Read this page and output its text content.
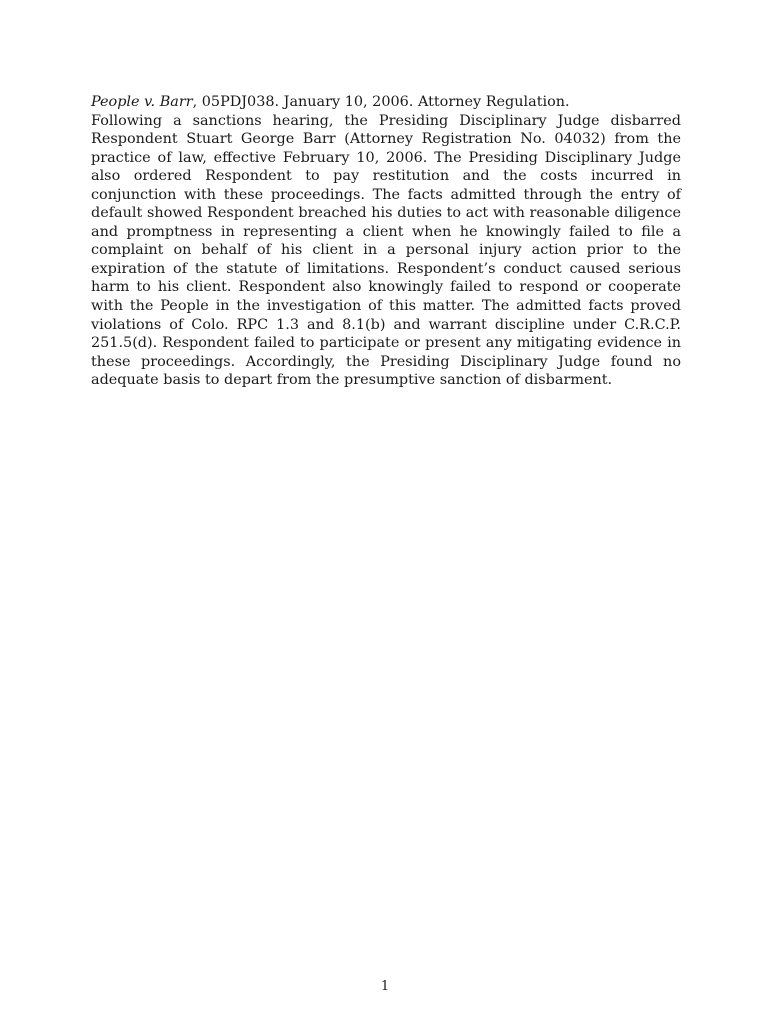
People v. Barr, 05PDJ038. January 10, 2006. Attorney Regulation.

Following a sanctions hearing, the Presiding Disciplinary Judge disbarred Respondent Stuart George Barr (Attorney Registration No. 04032) from the practice of law, effective February 10, 2006. The Presiding Disciplinary Judge also ordered Respondent to pay restitution and the costs incurred in conjunction with these proceedings. The facts admitted through the entry of default showed Respondent breached his duties to act with reasonable diligence and promptness in representing a client when he knowingly failed to file a complaint on behalf of his client in a personal injury action prior to the expiration of the statute of limitations. Respondent’s conduct caused serious harm to his client. Respondent also knowingly failed to respond or cooperate with the People in the investigation of this matter. The admitted facts proved violations of Colo. RPC 1.3 and 8.1(b) and warrant discipline under C.R.C.P. 251.5(d). Respondent failed to participate or present any mitigating evidence in these proceedings. Accordingly, the Presiding Disciplinary Judge found no adequate basis to depart from the presumptive sanction of disbarment.

1
